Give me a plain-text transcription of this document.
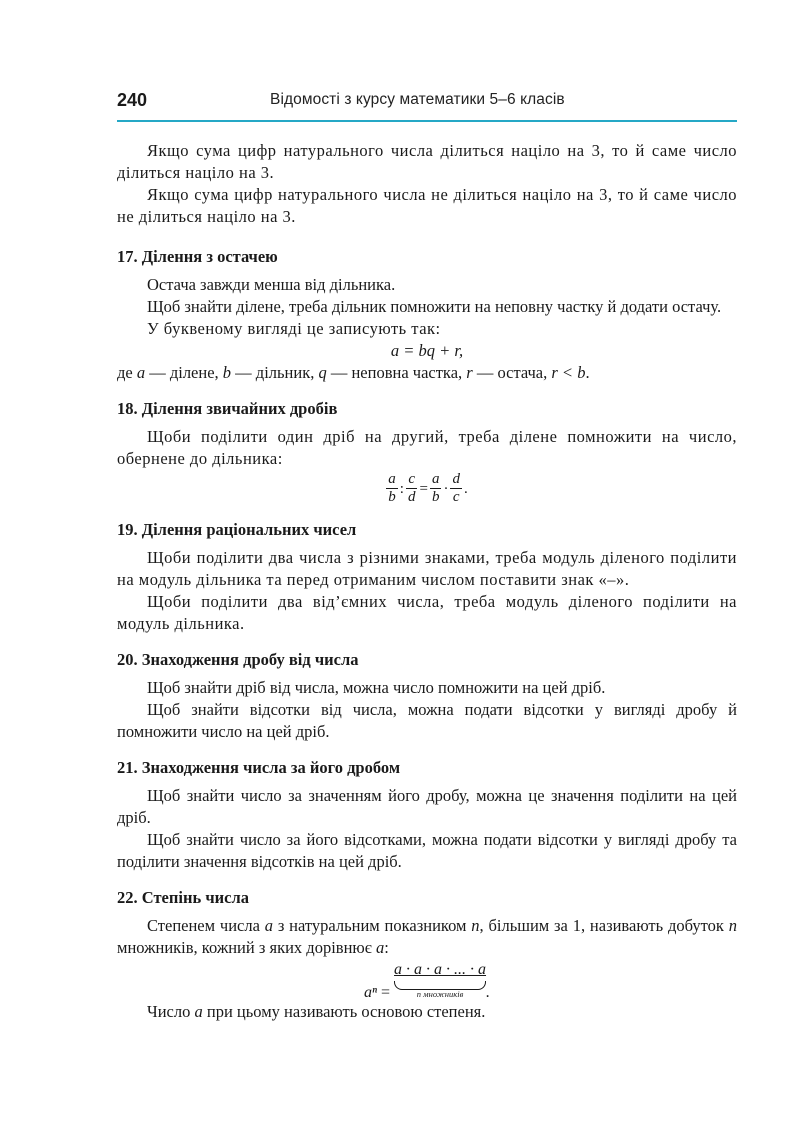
240	Відомості з курсу математики 5–6 класів

Якщо сума цифр натурального числа ділиться націло на 3, то й саме число ділиться націло на 3.

Якщо сума цифр натурального числа не ділиться націло на 3, то й саме число не ділиться націло на 3.

17. Ділення з остачею

Остача завжди менша від дільника.

Щоб знайти ділене, треба дільник помножити на неповну частку й додати остачу.

У буквеному вигляді це записують так:

a = bq + r,

де a — ділене, b — дільник, q — неповна частка, r — остача, r < b.

18. Ділення звичайних дробів

Щоби поділити один дріб на другий, треба ділене помножити на число, обернене до дільника:

$\frac{a}{b}$ : $\frac{c}{d} = \frac{a}{b} \cdot \frac{d}{c}$ .

19. Ділення раціональних чисел

Щоби поділити два числа з різними знаками, треба модуль діленого поділити на модуль дільника та перед отриманим числом поставити знак «–».

Щоби поділити два від’ємних числа, треба модуль діленого поділити на модуль дільника.

20. Знаходження дробу від числа

Щоб знайти дріб від числа, можна число помножити на цей дріб.

Щоб знайти відсотки від числа, можна подати відсотки у вигляді дробу й помножити число на цей дріб.

21. Знаходження числа за його дробом

Щоб знайти число за значенням його дробу, можна це значення поділити на цей дріб.

Щоб знайти число за його відсотками, можна подати відсотки у вигляді дробу та поділити значення відсотків на цей дріб.

22. Степінь числа

Степенем числа a з натуральним показником n, більшим за 1, називають добуток n множників, кожний з яких дорівнює a:

aⁿ = a · a · a · ... · a
n множників	.

Число a при цьому називають основою степеня.
